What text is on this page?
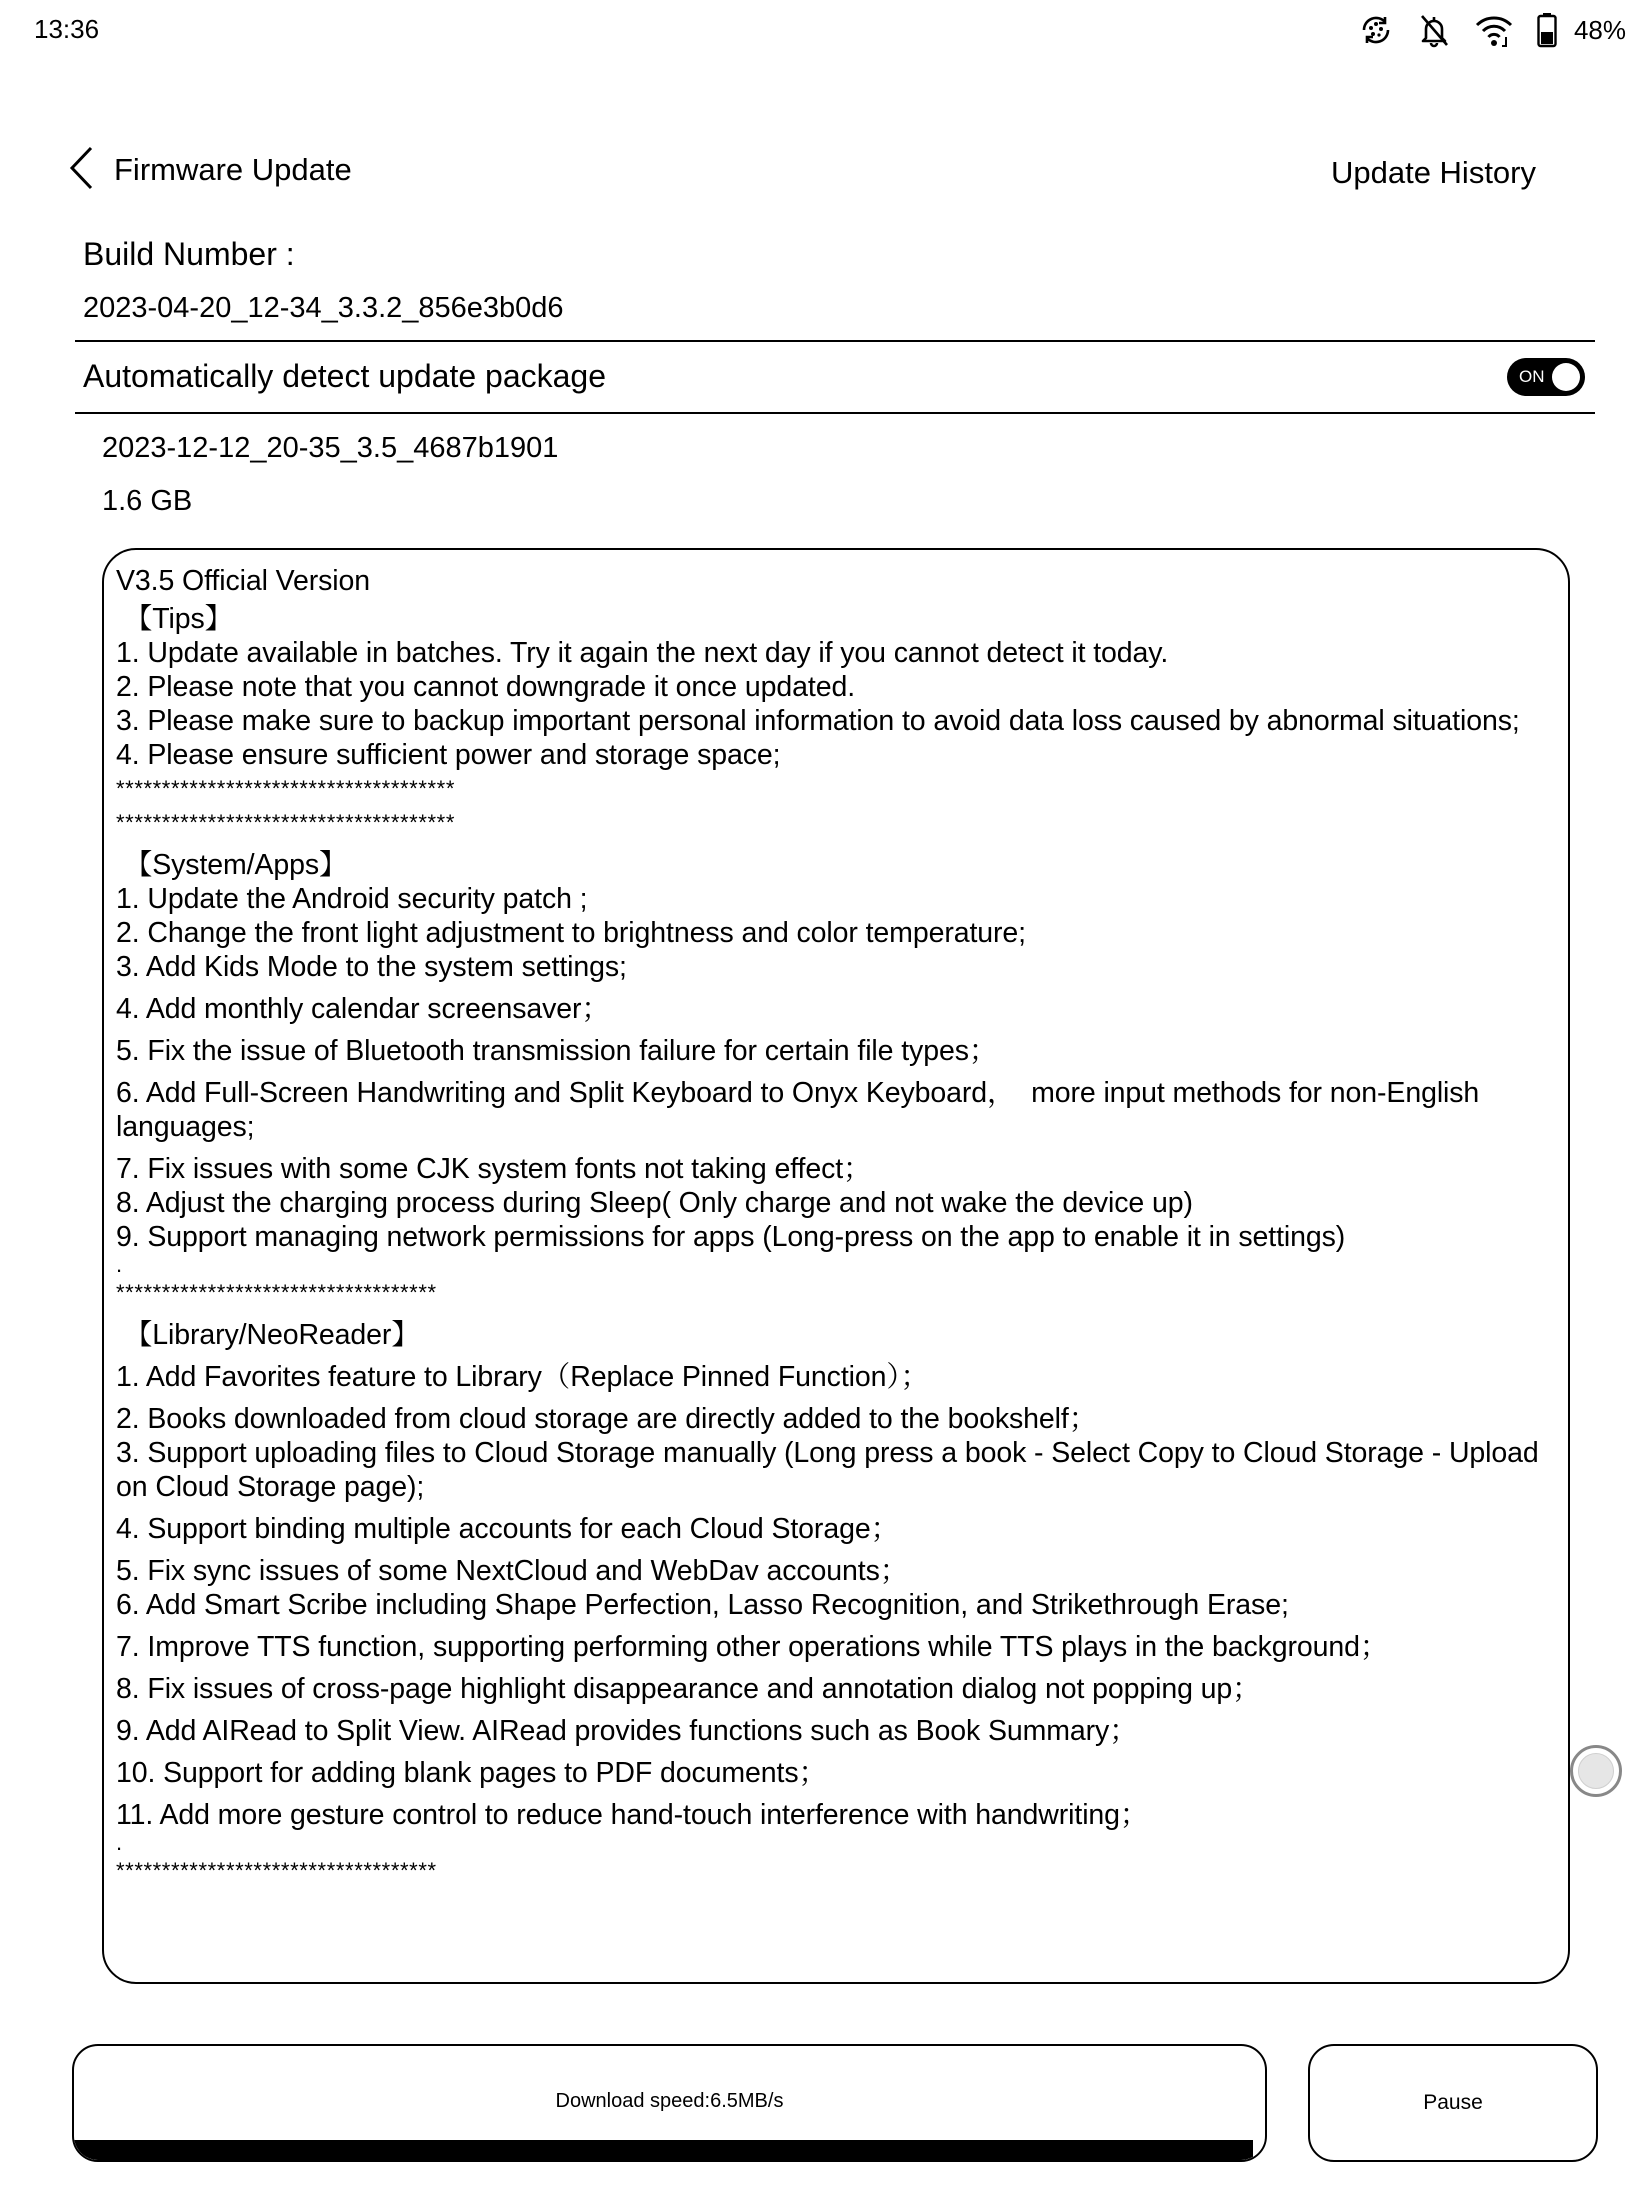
13:36	48%
Firmware Update	Update History
Build Number :
2023-04-20_12-34_3.3.2_856e3b0d6
Automatically detect update package	ON
2023-12-12_20-35_3.5_4687b1901
1.6 GB
V3.5 Official Version
【Tips】
1. Update available in batches. Try it again the next day if you cannot detect it today.
2. Please note that you cannot downgrade it once updated.
3. Please make sure to backup important personal information to avoid data loss caused by abnormal situations;
4. Please ensure sufficient power and storage space;
*************************************
*************************************
【System/Apps】
1. Update the Android security patch ;
2. Change the front light adjustment to brightness and color temperature;
3. Add Kids Mode to the system settings;
4. Add monthly calendar screensaver；
5. Fix the issue of Bluetooth transmission failure for certain file types；
6. Add Full-Screen Handwriting and Split Keyboard to Onyx Keyboard，  more input methods for non-English languages;
7. Fix issues with some CJK system fonts not taking effect；
8. Adjust the charging process during Sleep( Only charge and not wake the device up)
9. Support managing network permissions for apps (Long-press on the app to enable it in settings)
.
***********************************
【Library/NeoReader】
1. Add Favorites feature to Library（Replace Pinned Function）；
2. Books downloaded from cloud storage are directly added to the bookshelf；
3. Support uploading files to Cloud Storage manually (Long press a book - Select Copy to Cloud Storage - Upload on Cloud Storage page);
4. Support binding multiple accounts for each Cloud Storage；
5. Fix sync issues of some NextCloud and WebDav accounts；
6. Add Smart Scribe including Shape Perfection, Lasso Recognition, and Strikethrough Erase;
7. Improve TTS function, supporting performing other operations while TTS plays in the background；
8. Fix issues of cross-page highlight disappearance and annotation dialog not popping up；
9. Add AIRead to Split View. AIRead provides functions such as Book Summary；
10. Support for adding blank pages to PDF documents；
11. Add more gesture control to reduce hand-touch interference with handwriting；
.
***********************************
Download speed:6.5MB/s	Pause
